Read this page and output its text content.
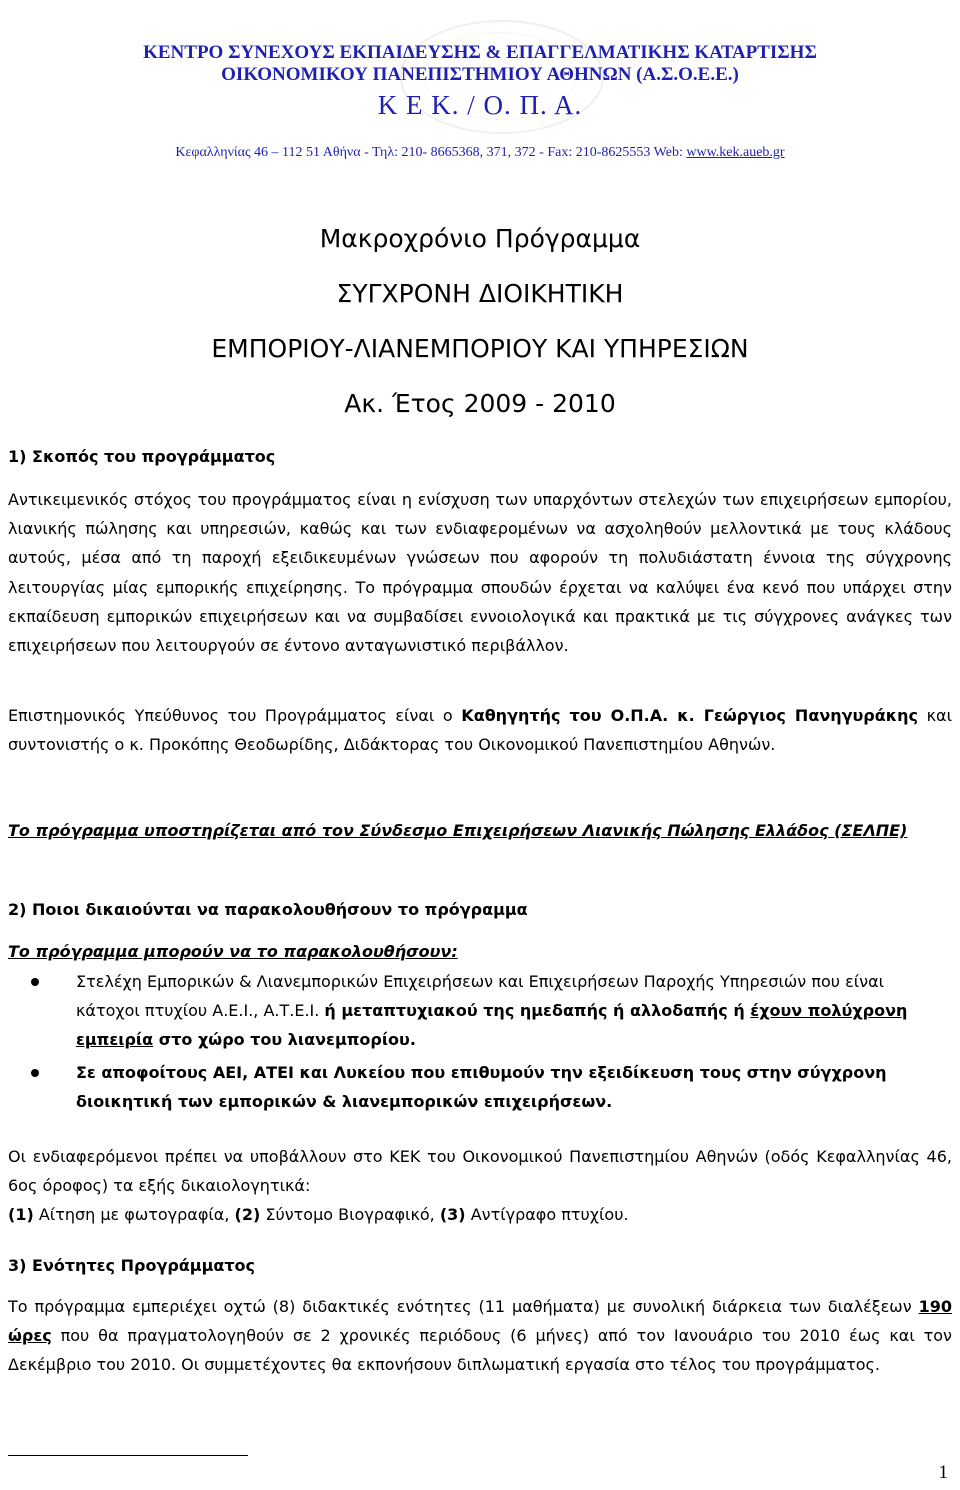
ΚΕΝΤΡΟ ΣΥΝΕΧΟΥΣ ΕΚΠΑΙΔΕΥΣΗΣ & ΕΠΑΓΓΕΛΜΑΤΙΚΗΣ ΚΑΤΑΡΤΙΣΗΣ
ΟΙΚΟΝΟΜΙΚΟΥ ΠΑΝΕΠΙΣΤΗΜΙΟΥ ΑΘΗΝΩΝ (Α.Σ.Ο.Ε.Ε.)
Κ Ε Κ. / Ο. Π. Α.
Κεφαλληνίας 46 – 112 51 Αθήνα - Τηλ: 210- 8665368, 371, 372 - Fax: 210-8625553 Web: www.kek.aueb.gr
Μακροχρόνιο Πρόγραμμα
ΣΥΓΧΡΟΝΗ ΔΙΟΙΚΗΤΙΚΗ
ΕΜΠΟΡΙΟΥ-ΛΙΑΝΕΜΠΟΡΙΟΥ ΚΑΙ ΥΠΗΡΕΣΙΩΝ
Ακ. Έτος 2009 - 2010
1) Σκοπός του προγράμματος
Αντικειμενικός στόχος του προγράμματος είναι η ενίσχυση των υπαρχόντων στελεχών των επιχειρήσεων εμπορίου, λιανικής πώλησης και υπηρεσιών, καθώς και των ενδιαφερομένων να ασχοληθούν μελλοντικά με τους κλάδους αυτούς, μέσα από τη παροχή εξειδικευμένων γνώσεων που αφορούν τη πολυδιάστατη έννοια της σύγχρονης λειτουργίας μίας εμπορικής επιχείρησης. Το πρόγραμμα σπουδών έρχεται να καλύψει ένα κενό που υπάρχει στην εκπαίδευση εμπορικών επιχειρήσεων και να συμβαδίσει εννοιολογικά και πρακτικά με τις σύγχρονες ανάγκες των επιχειρήσεων που λειτουργούν σε έντονο ανταγωνιστικό περιβάλλον.
Επιστημονικός Υπεύθυνος του Προγράμματος είναι ο Καθηγητής του Ο.Π.Α. κ. Γεώργιος Πανηγυράκης και συντονιστής ο κ. Προκόπης Θεοδωρίδης, Διδάκτορας του Οικονομικού Πανεπιστημίου Αθηνών.
Το πρόγραμμα υποστηρίζεται από τον Σύνδεσμο Επιχειρήσεων Λιανικής Πώλησης Ελλάδος (ΣΕΛΠΕ)
2) Ποιοι δικαιούνται να παρακολουθήσουν το πρόγραμμα
Το πρόγραμμα μπορούν να το παρακολουθήσουν:
Στελέχη Εμπορικών & Λιανεμπορικών Επιχειρήσεων και Επιχειρήσεων Παροχής Υπηρεσιών που είναι κάτοχοι πτυχίου Α.Ε.Ι., Α.Τ.Ε.Ι. ή μεταπτυχιακού της ημεδαπής ή αλλοδαπής ή έχουν πολύχρονη εμπειρία στο χώρο του λιανεμπορίου.
Σε αποφοίτους ΑΕΙ, ΑΤΕΙ και Λυκείου που επιθυμούν την εξειδίκευση τους στην σύγχρονη διοικητική των εμπορικών & λιανεμπορικών επιχειρήσεων.
Οι ενδιαφερόμενοι πρέπει να υποβάλλουν στο ΚΕΚ του Οικονομικού Πανεπιστημίου Αθηνών (οδός Κεφαλληνίας 46, 6ος όροφος) τα εξής δικαιολογητικά:
(1) Αίτηση με φωτογραφία, (2) Σύντομο Βιογραφικό, (3) Αντίγραφο πτυχίου.
3) Ενότητες Προγράμματος
Το πρόγραμμα εμπεριέχει οχτώ (8) διδακτικές ενότητες (11 μαθήματα) με συνολική διάρκεια των διαλέξεων 190 ώρες που θα πραγματολογηθούν σε 2 χρονικές περιόδους (6 μήνες) από τον Ιανουάριο του 2010 έως και τον Δεκέμβριο του 2010. Οι συμμετέχοντες θα εκπονήσουν διπλωματική εργασία στο τέλος του προγράμματος.
1
